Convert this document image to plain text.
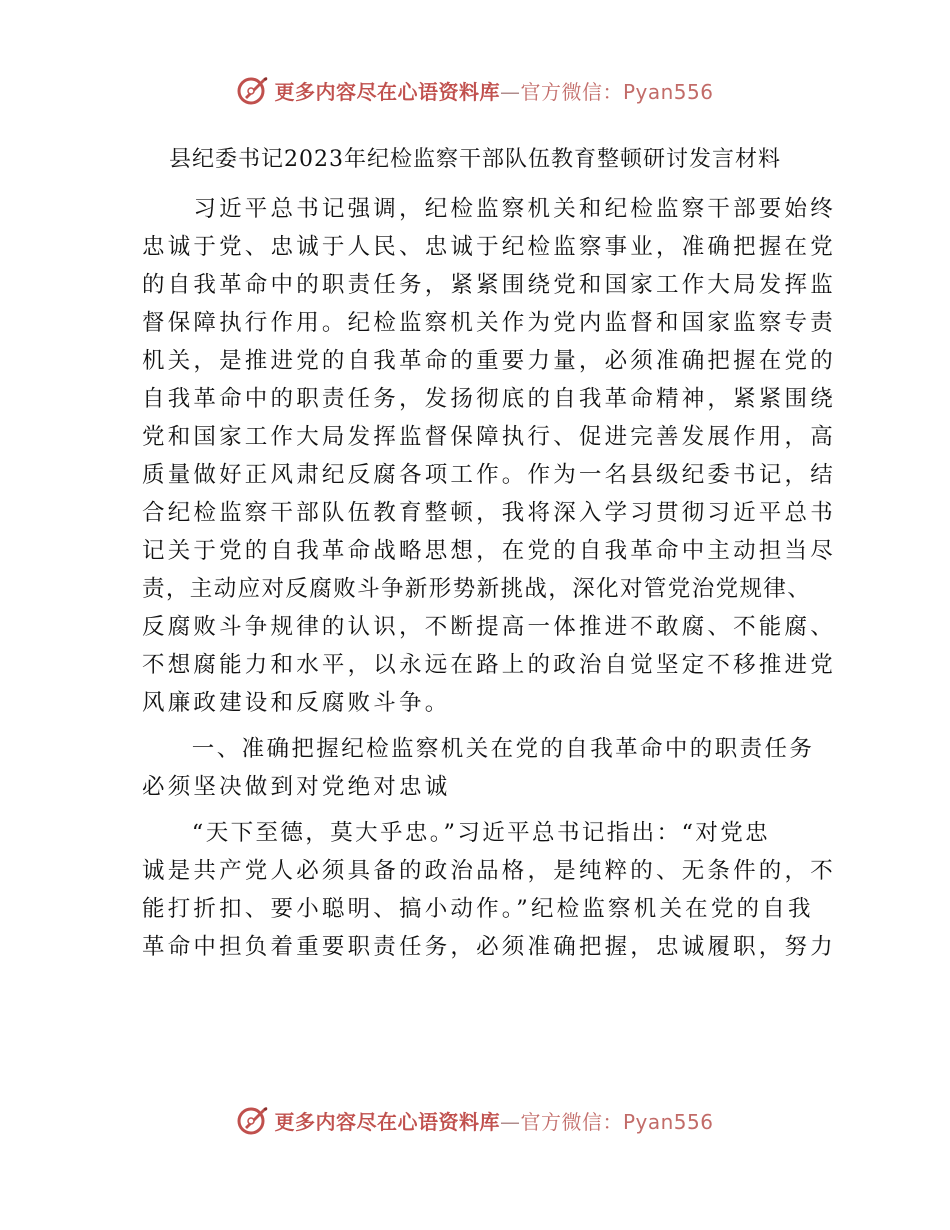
更多内容尽在心语资料库—官方微信：Pyan556
县纪委书记2023年纪检监察干部队伍教育整顿研讨发言材料

　　习近平总书记强调，纪检监察机关和纪检监察干部要始终

忠诚于党、忠诚于人民、忠诚于纪检监察事业，准确把握在党

的自我革命中的职责任务，紧紧围绕党和国家工作大局发挥监

督保障执行作用。纪检监察机关作为党内监督和国家监察专责

机关，是推进党的自我革命的重要力量，必须准确把握在党的

自我革命中的职责任务，发扬彻底的自我革命精神，紧紧围绕

党和国家工作大局发挥监督保障执行、促进完善发展作用，高

质量做好正风肃纪反腐各项工作。作为一名县级纪委书记，结

合纪检监察干部队伍教育整顿，我将深入学习贯彻习近平总书

记关于党的自我革命战略思想，在党的自我革命中主动担当尽

责，主动应对反腐败斗争新形势新挑战，深化对管党治党规律、

反腐败斗争规律的认识，不断提高一体推进不敢腐、不能腐、

不想腐能力和水平，以永远在路上的政治自觉坚定不移推进党

风廉政建设和反腐败斗争。

　　一、准确把握纪检监察机关在党的自我革命中的职责任务

必须坚决做到对党绝对忠诚

　　“天下至德，莫大乎忠。”习近平总书记指出：“对党忠

诚是共产党人必须具备的政治品格，是纯粹的、无条件的，不

能打折扣、要小聪明、搞小动作。”纪检监察机关在党的自我

革命中担负着重要职责任务，必须准确把握，忠诚履职，努力

更多内容尽在心语资料库—官方微信：Pyan556
